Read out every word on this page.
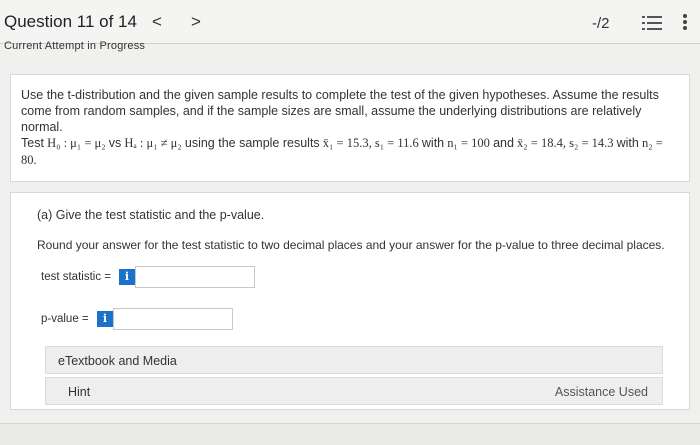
Question 11 of 14 < >	-/2
Current Attempt in Progress
Use the t-distribution and the given sample results to complete the test of the given hypotheses. Assume the results come from random samples, and if the sample sizes are small, assume the underlying distributions are relatively normal.
Test H₀ : μ₁ = μ₂ vs Hₐ : μ₁ ≠ μ₂ using the sample results x̄₁ = 15.3, s₁ = 11.6 with n₁ = 100 and x̄₂ = 18.4, s₂ = 14.3 with n₂ = 80.
(a) Give the test statistic and the p-value.
Round your answer for the test statistic to two decimal places and your answer for the p-value to three decimal places.
test statistic =	i
p-value =	i
eTextbook and Media
Hint	Assistance Used
